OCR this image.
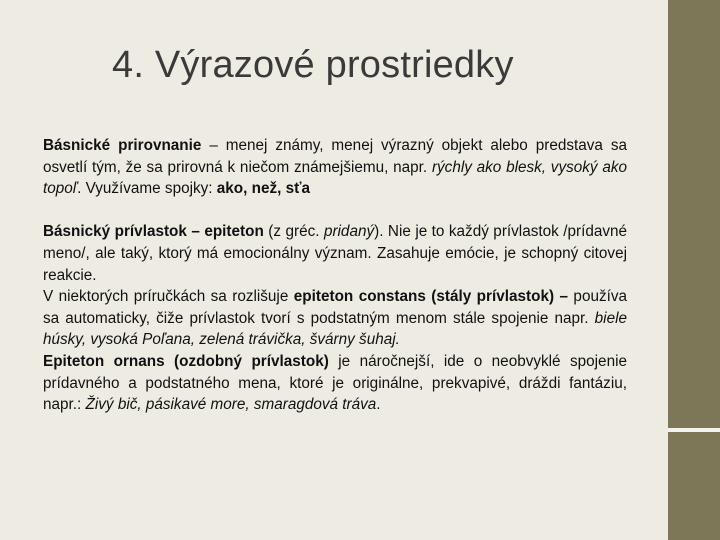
4. Výrazové prostriedky

Básnické prirovnanie – menej známy, menej výrazný objekt alebo predstava sa osvetlí tým, že sa prirovná k niečom známejšiemu, napr. rýchly ako blesk, vysoký ako topoľ. Využívame spojky: ako, než, sťa

Básnický prívlastok – epiteton (z gréc. pridaný). Nie je to každý prívlastok /prídavné meno/, ale taký, ktorý má emocionálny význam. Zasahuje emócie, je schopný citovej reakcie.

V niektorých príručkách sa rozlišuje epiteton constans (stály prívlastok) – používa sa automaticky, čiže prívlastok tvorí s podstatným menom stále spojenie napr. biele húsky, vysoká Poľana, zelená trávička, švárny šuhaj.

Epiteton ornans (ozdobný prívlastok) je náročnejší, ide o neobvyklé spojenie prídavného a podstatného mena, ktoré je originálne, prekvapivé, dráždi fantáziu, napr.: Živý bič, pásikavé more, smaragdová tráva.
